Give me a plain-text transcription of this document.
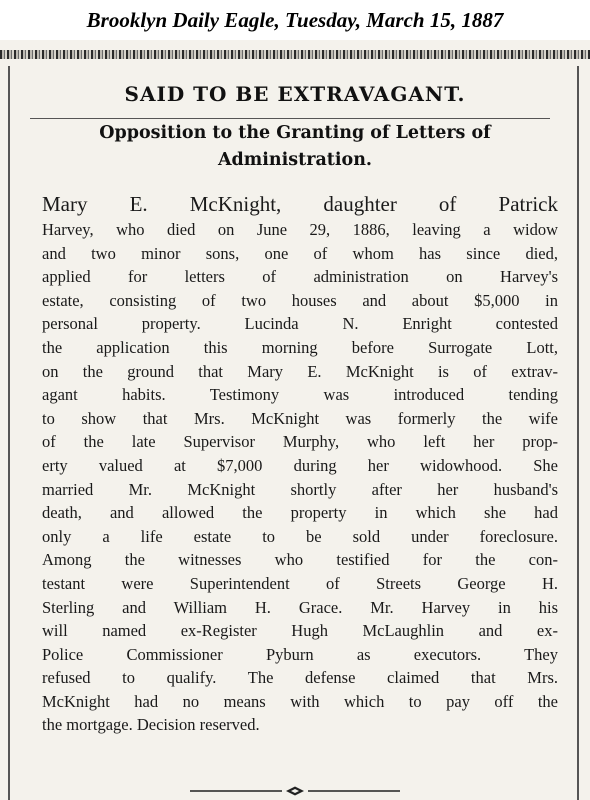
Brooklyn Daily Eagle, Tuesday, March 15, 1887
SAID TO BE EXTRAVAGANT.
Opposition to the Granting of Letters of
Administration.
Mary E. McKnight, daughter of Patrick
Harvey, who died on June 29, 1886, leaving a widow
and two minor sons, one of whom has since died,
applied for letters of administration on Harvey's
estate, consisting of two houses and about $5,000 in
personal property. Lucinda N. Enright contested
the application this morning before Surrogate Lott,
on the ground that Mary E. McKnight is of extrav-
agant habits. Testimony was introduced tending
to show that Mrs. McKnight was formerly the wife
of the late Supervisor Murphy, who left her prop-
erty valued at $7,000 during her widowhood. She
married Mr. McKnight shortly after her husband's
death, and allowed the property in which she had
only a life estate to be sold under foreclosure.
Among the witnesses who testified for the con-
testant were Superintendent of Streets George H.
Sterling and William H. Grace. Mr. Harvey in his
will named ex-Register Hugh McLaughlin and ex-
Police Commissioner Pyburn as executors. They
refused to qualify. The defense claimed that Mrs.
McKnight had no means with which to pay off the
the mortgage. Decision reserved.
